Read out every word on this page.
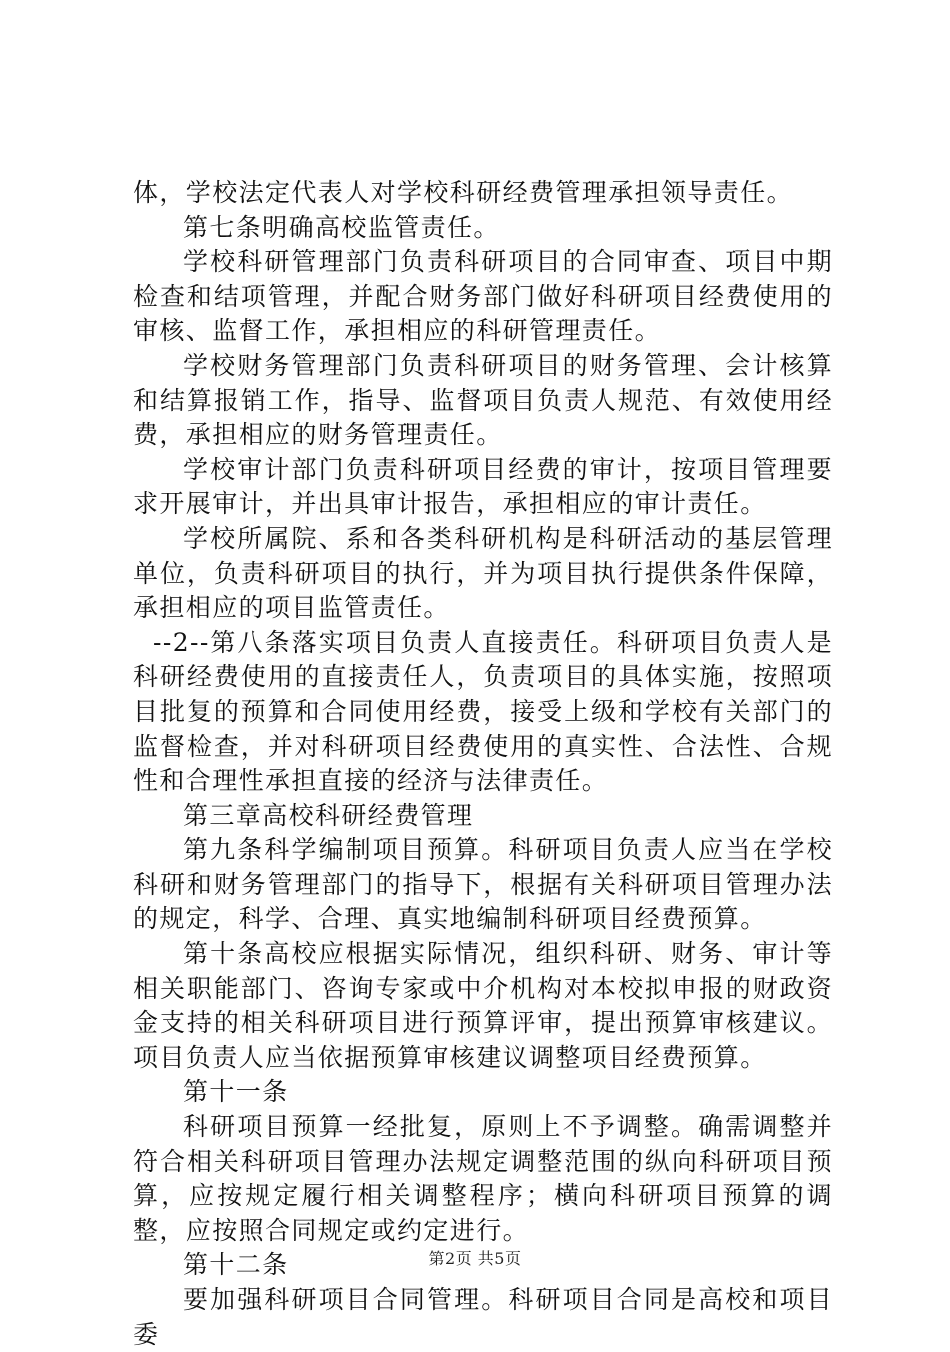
体，学校法定代表人对学校科研经费管理承担领导责任。

第七条明确高校监管责任。

学校科研管理部门负责科研项目的合同审查、项目中期检查和结项管理，并配合财务部门做好科研项目经费使用的审核、监督工作，承担相应的科研管理责任。

学校财务管理部门负责科研项目的财务管理、会计核算和结算报销工作，指导、监督项目负责人规范、有效使用经费，承担相应的财务管理责任。

学校审计部门负责科研项目经费的审计，按项目管理要求开展审计，并出具审计报告，承担相应的审计责任。

学校所属院、系和各类科研机构是科研活动的基层管理单位，负责科研项目的执行，并为项目执行提供条件保障，承担相应的项目监管责任。

--2--第八条落实项目负责人直接责任。科研项目负责人是科研经费使用的直接责任人，负责项目的具体实施，按照项目批复的预算和合同使用经费，接受上级和学校有关部门的监督检查，并对科研项目经费使用的真实性、合法性、合规性和合理性承担直接的经济与法律责任。

第三章高校科研经费管理

第九条科学编制项目预算。科研项目负责人应当在学校科研和财务管理部门的指导下，根据有关科研项目管理办法的规定，科学、合理、真实地编制科研项目经费预算。

第十条高校应根据实际情况，组织科研、财务、审计等相关职能部门、咨询专家或中介机构对本校拟申报的财政资金支持的相关科研项目进行预算评审，提出预算审核建议。项目负责人应当依据预算审核建议调整项目经费预算。

第十一条

科研项目预算一经批复，原则上不予调整。确需调整并符合相关科研项目管理办法规定调整范围的纵向科研项目预算，应按规定履行相关调整程序；横向科研项目预算的调整，应按照合同规定或约定进行。

第十二条

要加强科研项目合同管理。科研项目合同是高校和项目委

第2页 共5页
